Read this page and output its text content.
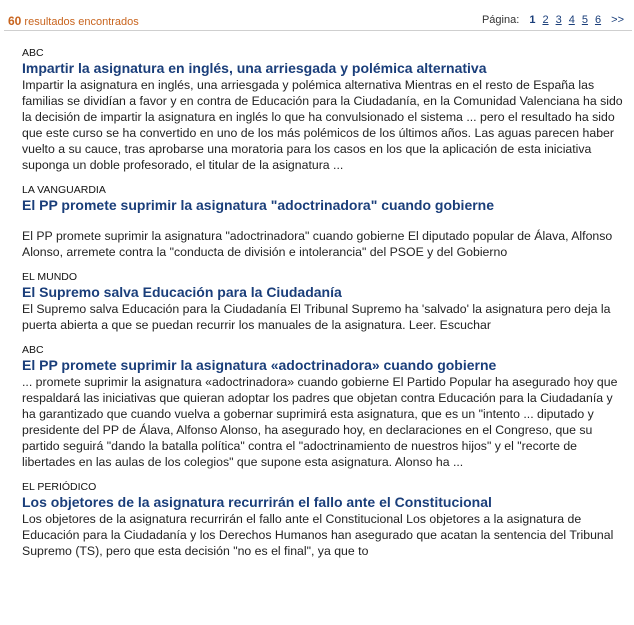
60 resultados encontrados	Página: 1 2 3 4 5 6 >>
ABC
Impartir la asignatura en inglés, una arriesgada y polémica alternativa

Impartir la asignatura en inglés, una arriesgada y polémica alternativa Mientras en el resto de España las familias se dividían a favor y en contra de Educación para la Ciudadanía, en la Comunidad Valenciana ha sido la decisión de impartir la asignatura en inglés lo que ha convulsionado el sistema ... pero el resultado ha sido que este curso se ha convertido en uno de los más polémicos de los últimos años. Las aguas parecen haber vuelto a su cauce, tras aprobarse una moratoria para los casos en los que la aplicación de esta iniciativa suponga un doble profesorado, el titular de la asignatura ...

LA VANGUARDIA
El PP promete suprimir la asignatura "adoctrinadora" cuando gobierne

El PP promete suprimir la asignatura "adoctrinadora" cuando gobierne El diputado popular de Álava, Alfonso Alonso, arremete contra la "conducta de división e intolerancia" del PSOE y del Gobierno

EL MUNDO
El Supremo salva Educación para la Ciudadanía

El Supremo salva Educación para la Ciudadanía El Tribunal Supremo ha 'salvado' la asignatura pero deja la puerta abierta a que se puedan recurrir los manuales de la asignatura. Leer. Escuchar

ABC
El PP promete suprimir la asignatura «adoctrinadora» cuando gobierne

... promete suprimir la asignatura «adoctrinadora» cuando gobierne El Partido Popular ha asegurado hoy que respaldará las iniciativas que quieran adoptar los padres que objetan contra Educación para la Ciudadanía y ha garantizado que cuando vuelva a gobernar suprimirá esta asignatura, que es un "intento ... diputado y presidente del PP de Álava, Alfonso Alonso, ha asegurado hoy, en declaraciones en el Congreso, que su partido seguirá "dando la batalla política" contra el "adoctrinamiento de nuestros hijos" y el "recorte de libertades en las aulas de los colegios" que supone esta asignatura. Alonso ha ...

EL PERIÓDICO
Los objetores de la asignatura recurrirán el fallo ante el Constitucional

Los objetores de la asignatura recurrirán el fallo ante el Constitucional Los objetores a la asignatura de Educación para la Ciudadanía y los Derechos Humanos han asegurado que acatan la sentencia del Tribunal Supremo (TS), pero que esta decisión "no es el final", ya que to
